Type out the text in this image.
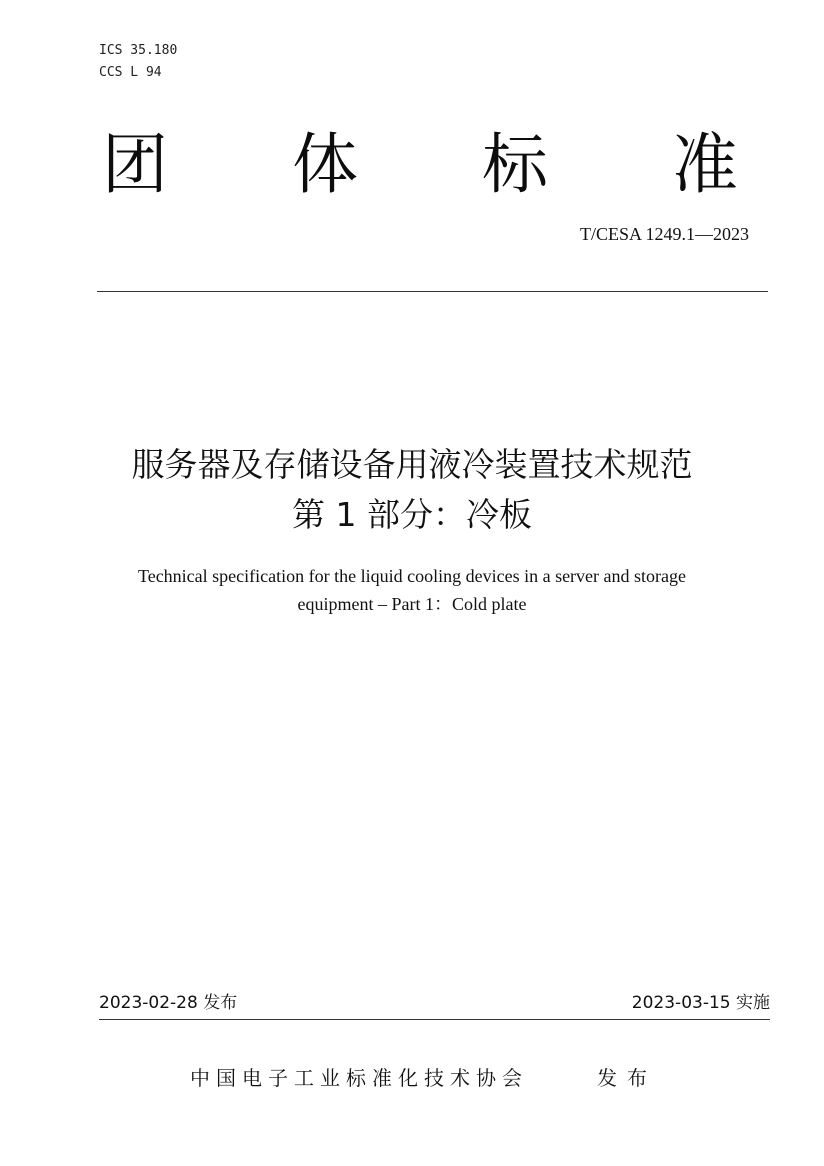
ICS 35.180
CCS L 94
团 体 标 准
T/CESA 1249.1—2023
服务器及存储设备用液冷装置技术规范
第 1 部分：冷板
Technical specification for the liquid cooling devices in a server and storage
equipment – Part 1：Cold plate
2023-02-28 发布	2023-03-15 实施
中国电子工业标准化技术协会	发布
